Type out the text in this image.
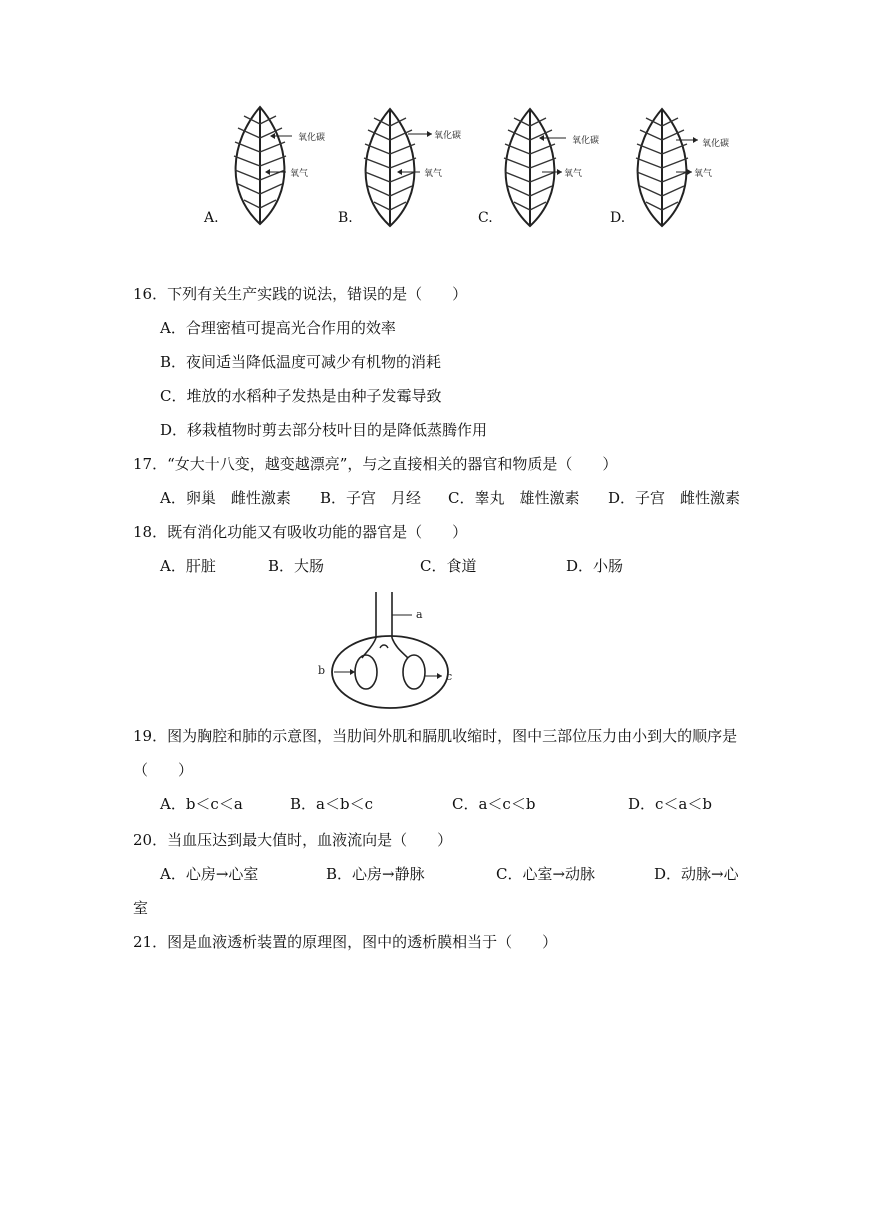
氧化碳
氧气
A.
氧化碳
氧气
B.
氧化碳
氧气
C.
氧化碳
氧气
D.
16．下列有关生产实践的说法，错误的是（　　）
A．合理密植可提高光合作用的效率
B．夜间适当降低温度可减少有机物的消耗
C．堆放的水稻种子发热是由种子发霉导致
D．移栽植物时剪去部分枝叶目的是降低蒸腾作用
17．“女大十八变，越变越漂亮”，与之直接相关的器官和物质是（　　）
A．卵巢　雌性激素 B．子宫　月经 C．睾丸　雄性激素 D．子宫　雌性激素
18．既有消化功能又有吸收功能的器官是（　　）
A．肝脏	B．大肠	C．食道	D．小肠
a
b	c
19．图为胸腔和肺的示意图，当肋间外肌和膈肌收缩时，图中三部位压力由小到大的顺序是
（　　）
A．b＜c＜a	B．a＜b＜c	C．a＜c＜b	D．c＜a＜b
20．当血压达到最大值时，血液流向是（　　）
A．心房→心室	B．心房→静脉	C．心室→动脉	D．动脉→心
室
21．图是血液透析装置的原理图，图中的透析膜相当于（　　）
